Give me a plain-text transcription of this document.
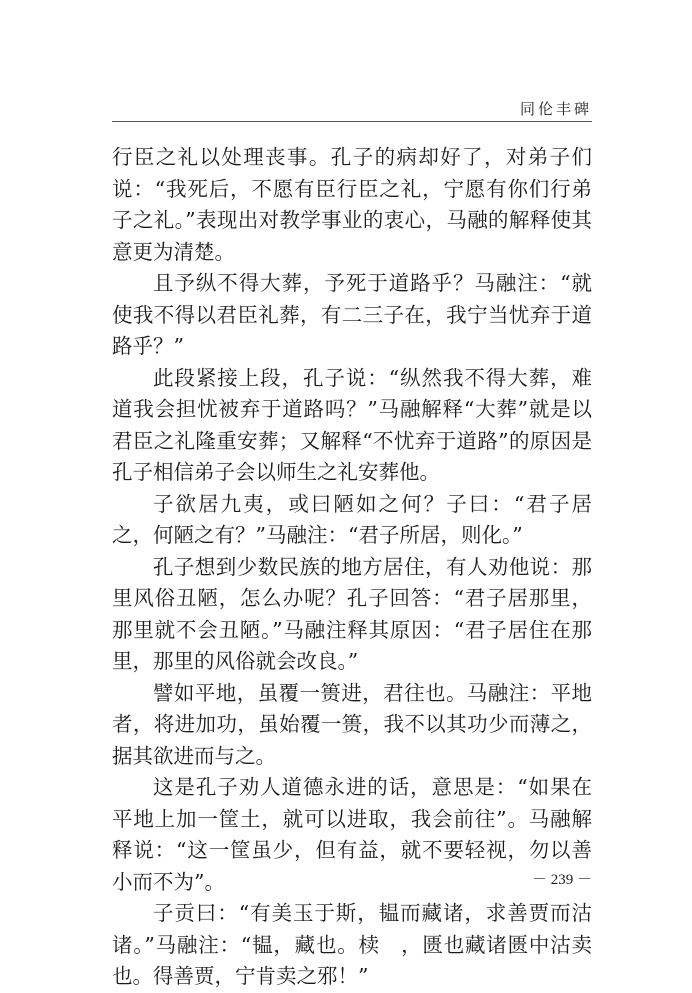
同伦丰碑

行臣之礼以处理丧事。孔子的病却好了，对弟子们说：“我死后，不愿有臣行臣之礼，宁愿有你们行弟子之礼。”表现出对教学事业的衷心，马融的解释使其意更为清楚。

且予纵不得大葬，予死于道路乎？马融注：“就使我不得以君臣礼葬，有二三子在，我宁当忧弃于道路乎？”

此段紧接上段，孔子说：“纵然我不得大葬，难道我会担忧被弃于道路吗？”马融解释“大葬”就是以君臣之礼隆重安葬；又解释“不忧弃于道路”的原因是孔子相信弟子会以师生之礼安葬他。

子欲居九夷，或曰陋如之何？子曰：“君子居之，何陋之有？”马融注：“君子所居，则化。”

孔子想到少数民族的地方居住，有人劝他说：那里风俗丑陋，怎么办呢？孔子回答：“君子居那里，那里就不会丑陋。”马融注释其原因：“君子居住在那里，那里的风俗就会改良。”

譬如平地，虽覆一篑进，君往也。马融注：平地者，将进加功，虽始覆一篑，我不以其功少而薄之，据其欲进而与之。

这是孔子劝人道德永进的话，意思是：“如果在平地上加一筐土，就可以进取，我会前往”。马融解释说：“这一筐虽少，但有益，就不要轻视，勿以善小而不为”。

子贡曰：“有美玉于斯，韫而藏诸，求善贾而沽诸。”马融注：“韫，藏也。椟　，匮也藏诸匮中沽卖也。得善贾，宁肯卖之邪！”

－ 239 －
